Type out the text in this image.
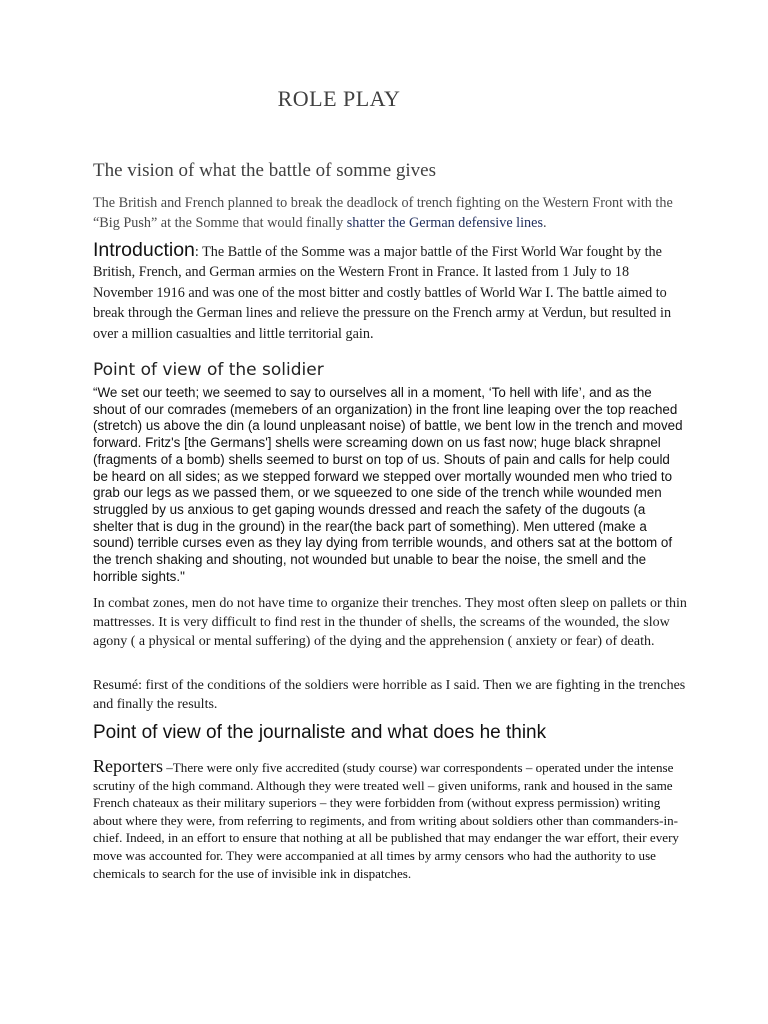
ROLE PLAY
The vision of what the battle of somme gives

The British and French planned to break the deadlock of trench fighting on the Western Front with the “Big Push” at the Somme that would finally shatter the German defensive lines.

Introduction: The Battle of the Somme was a major battle of the First World War fought by the British, French, and German armies on the Western Front in France. It lasted from 1 July to 18 November 1916 and was one of the most bitter and costly battles of World War I. The battle aimed to break through the German lines and relieve the pressure on the French army at Verdun, but resulted in over a million casualties and little territorial gain.

Point of view of the solidier

“We set our teeth; we seemed to say to ourselves all in a moment, ‘To hell with life’, and as the shout of our comrades (memebers of an organization) in the front line leaping over the top reached (stretch) us above the din (a lound unpleasant noise) of battle, we bent low in the trench and moved forward. Fritz's [the Germans'] shells were screaming down on us fast now; huge black shrapnel (fragments of a bomb) shells seemed to burst on top of us. Shouts of pain and calls for help could be heard on all sides; as we stepped forward we stepped over mortally wounded men who tried to grab our legs as we passed them, or we squeezed to one side of the trench while wounded men struggled by us anxious to get gaping wounds dressed and reach the safety of the dugouts (a shelter that is dug in the ground) in the rear(the back part of something). Men uttered (make a sound) terrible curses even as they lay dying from terrible wounds, and others sat at the bottom of the trench shaking and shouting, not wounded but unable to bear the noise, the smell and the horrible sights."

In combat zones, men do not have time to organize their trenches. They most often sleep on pallets or thin mattresses. It is very difficult to find rest in the thunder of shells, the screams of the wounded, the slow agony ( a physical or mental suffering) of the dying and the apprehension ( anxiety or fear) of death.

Resumé: first of the conditions of the soldiers were horrible as I said. Then we are fighting in the trenches and finally the results.

Point of view of the journaliste and what does he think

Reporters –There were only five accredited (study course) war correspondents – operated under the intense scrutiny of the high command. Although they were treated well – given uniforms, rank and housed in the same French chateaux as their military superiors – they were forbidden from (without express permission) writing about where they were, from referring to regiments, and from writing about soldiers other than commanders-in-chief. Indeed, in an effort to ensure that nothing at all be published that may endanger the war effort, their every move was accounted for. They were accompanied at all times by army censors who had the authority to use chemicals to search for the use of invisible ink in dispatches.
